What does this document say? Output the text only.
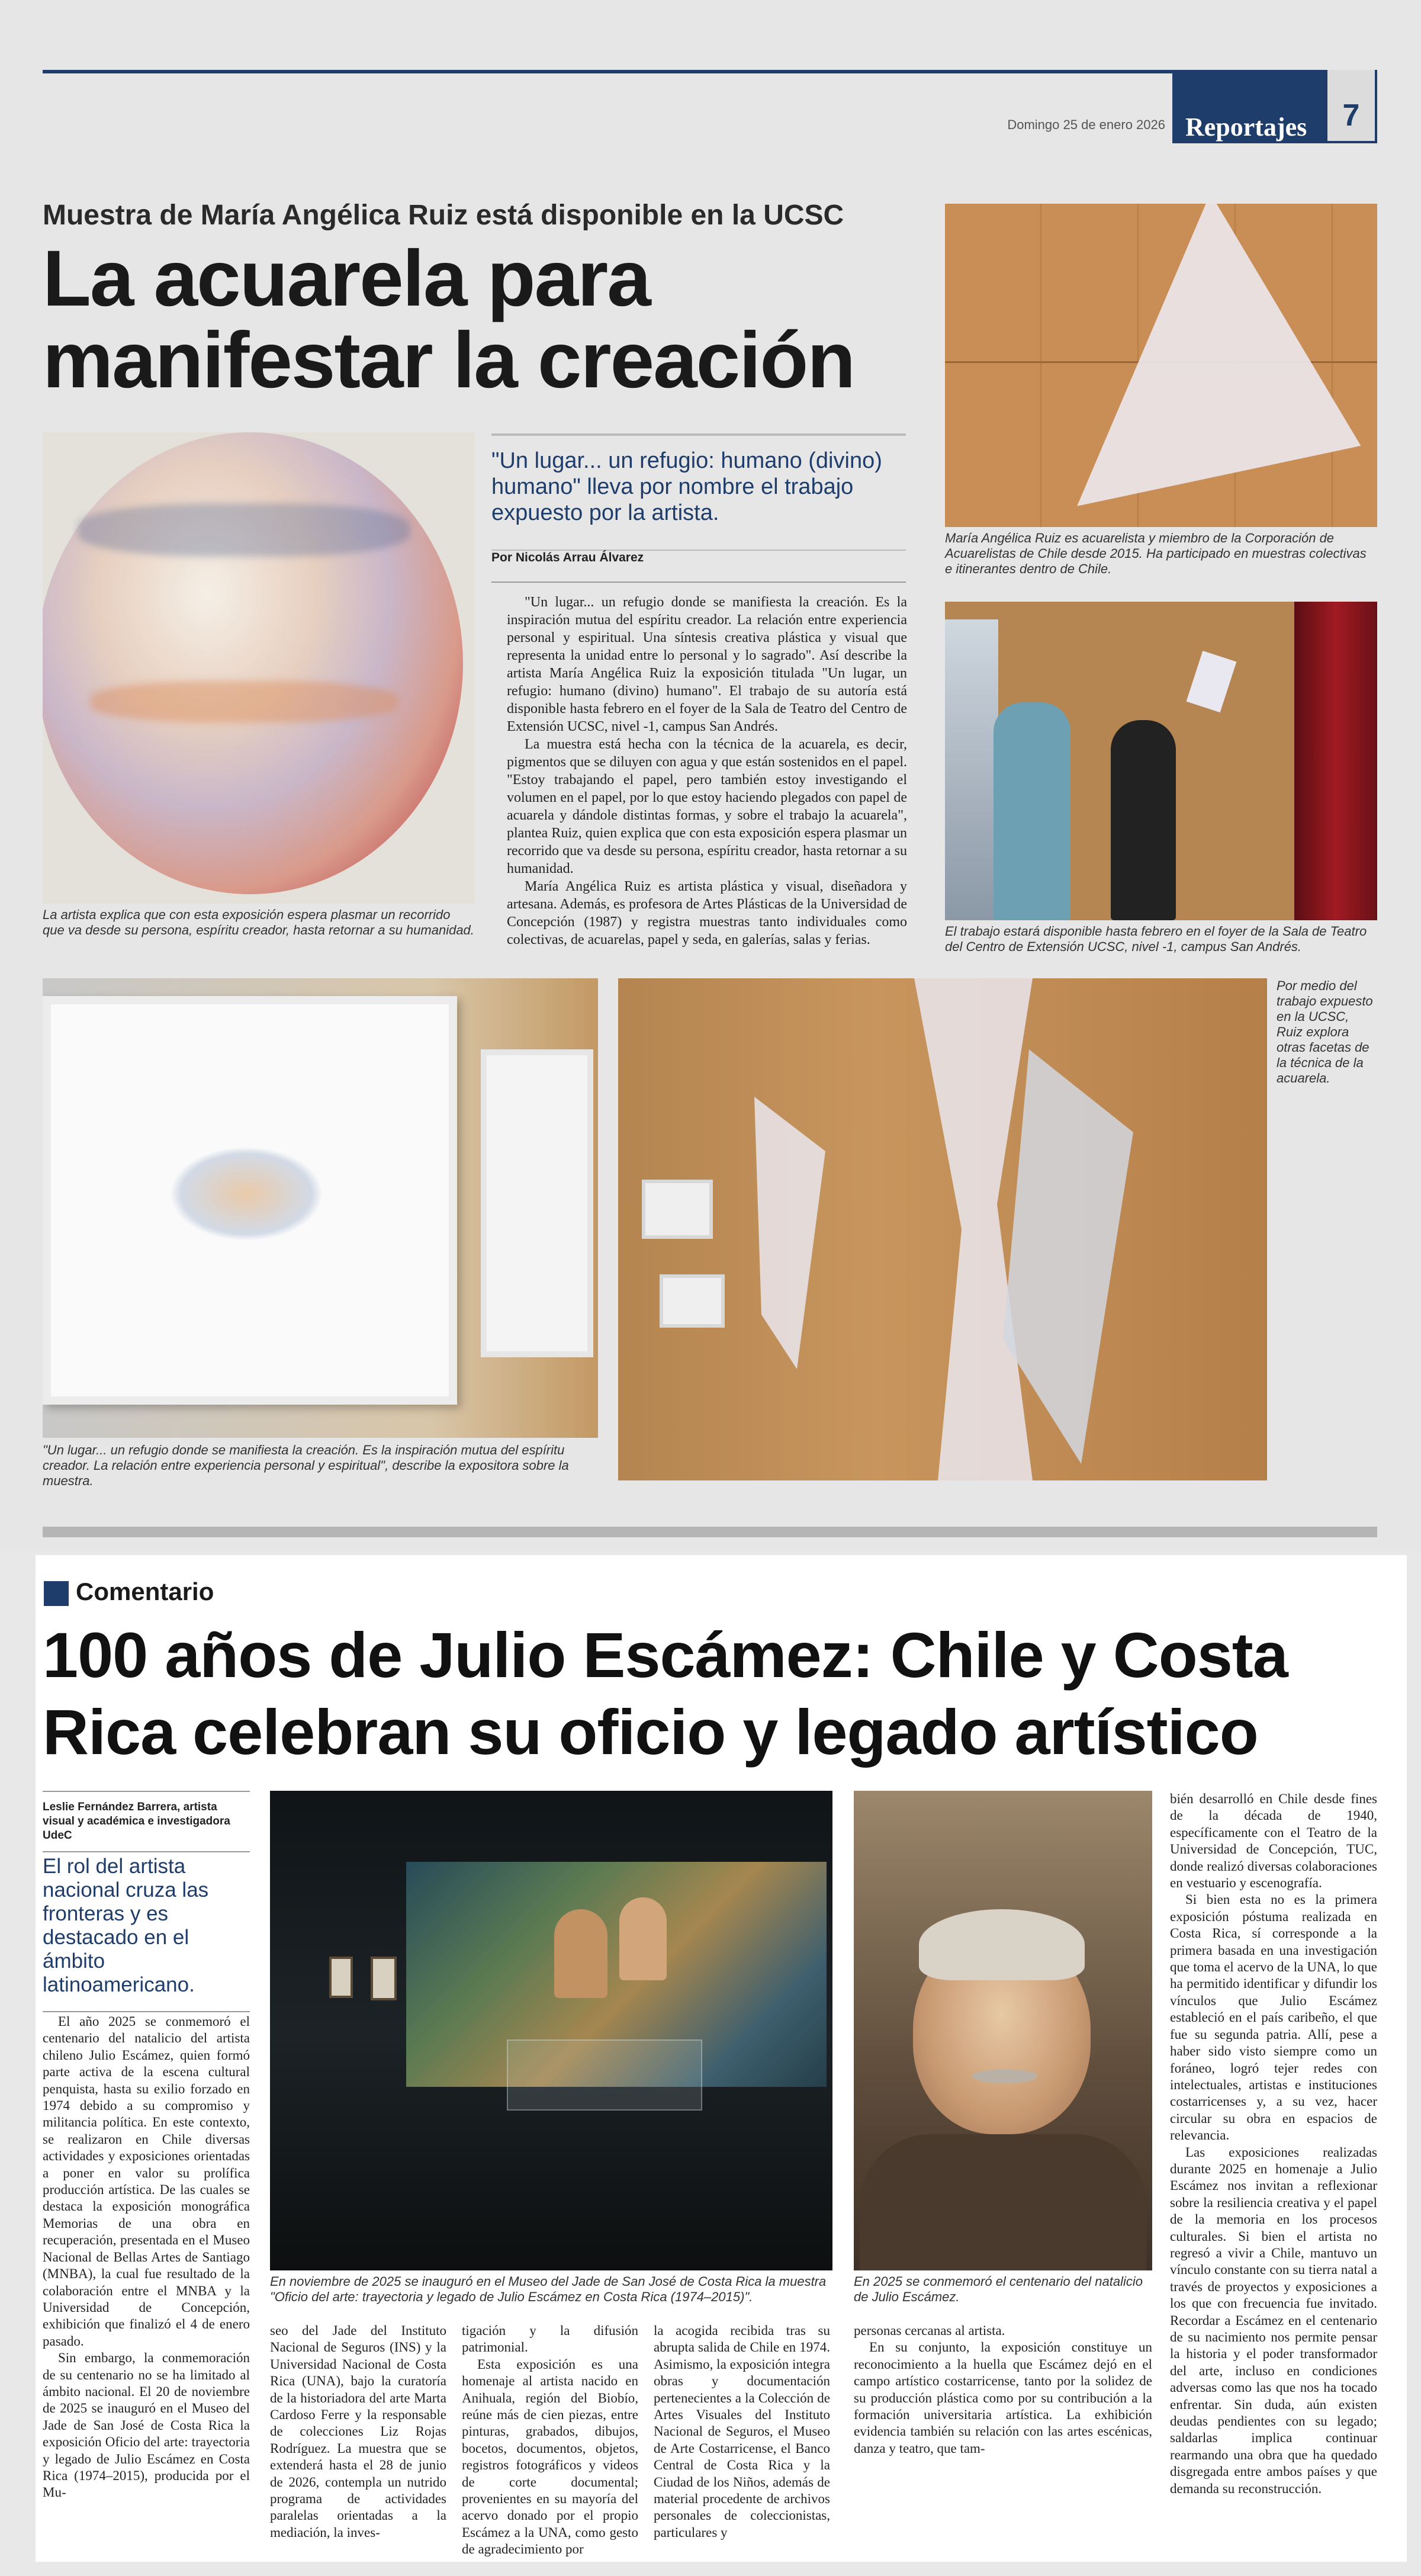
Domingo 25 de enero 2026 Reportajes	7
Muestra de María Angélica Ruiz está disponible en la UCSC
La acuarela para manifestar la creación
La artista explica que con esta exposición espera plasmar un recorrido que va desde su persona, espíritu creador, hasta retornar a su humanidad.
"Un lugar... un refugio: humano (divino) humano" lleva por nombre el trabajo expuesto por la artista.
Por Nicolás Arrau Álvarez

"Un lugar... un refugio donde se manifiesta la creación. Es la inspiración mutua del espíritu creador. La relación entre experiencia personal y espiritual. Una síntesis creativa plástica y visual que representa la unidad entre lo personal y lo sagrado". Así describe la artista María Angélica Ruiz la exposición titulada "Un lugar, un refugio: humano (divino) humano". El trabajo de su autoría está disponible hasta febrero en el foyer de la Sala de Teatro del Centro de Extensión UCSC, nivel -1, campus San Andrés.

La muestra está hecha con la técnica de la acuarela, es decir, pigmentos que se diluyen con agua y que están sostenidos en el papel. "Estoy trabajando el papel, pero también estoy investigando el volumen en el papel, por lo que estoy haciendo plegados con papel de acuarela y dándole distintas formas, y sobre el trabajo la acuarela", plantea Ruiz, quien explica que con esta exposición espera plasmar un recorrido que va desde su persona, espíritu creador, hasta retornar a su humanidad.

María Angélica Ruiz es artista plástica y visual, diseñadora y artesana. Además, es profesora de Artes Plásticas de la Universidad de Concepción (1987) y registra muestras tanto individuales como colectivas, de acuarelas, papel y seda, en galerías, salas y ferias.

María Angélica Ruiz es acuarelista y miembro de la Corporación de Acuarelistas de Chile desde 2015. Ha participado en muestras colectivas e itinerantes dentro de Chile.
El trabajo estará disponible hasta febrero en el foyer de la Sala de Teatro del Centro de Extensión UCSC, nivel -1, campus San Andrés.
"Un lugar... un refugio donde se manifiesta la creación. Es la inspiración mutua del espíritu creador. La relación entre experiencia personal y espiritual", describe la expositora sobre la muestra.
Por medio del trabajo expuesto en la UCSC, Ruiz explora otras facetas de la técnica de la acuarela.
Comentario
100 años de Julio Escámez: Chile y Costa Rica celebran su oficio y legado artístico
Leslie Fernández Barrera, artista visual y académica e investigadora UdeC
El rol del artista nacional cruza las fronteras y es destacado en el ámbito latinoamericano.

El año 2025 se conmemoró el centenario del natalicio del artista chileno Julio Escámez, quien formó parte activa de la escena cultural penquista, hasta su exilio forzado en 1974 debido a su compromiso y militancia política. En este contexto, se realizaron en Chile diversas actividades y exposiciones orientadas a poner en valor su prolífica producción artística. De las cuales se destaca la exposición monográfica Memorias de una obra en recuperación, presentada en el Museo Nacional de Bellas Artes de Santiago (MNBA), la cual fue resultado de la colaboración entre el MNBA y la Universidad de Concepción, exhibición que finalizó el 4 de enero pasado.

Sin embargo, la conmemoración de su centenario no se ha limitado al ámbito nacional. El 20 de noviembre de 2025 se inauguró en el Museo del Jade de San José de Costa Rica la exposición Oficio del arte: trayectoria y legado de Julio Escámez en Costa Rica (1974–2015), producida por el Mu-

En noviembre de 2025 se inauguró en el Museo del Jade de San José de Costa Rica la muestra "Oficio del arte: trayectoria y legado de Julio Escámez en Costa Rica (1974–2015)".
En 2025 se conmemoró el centenario del natalicio de Julio Escámez.

seo del Jade del Instituto Nacional de Seguros (INS) y la Universidad Nacional de Costa Rica (UNA), bajo la curatoría de la historiadora del arte Marta Cardoso Ferre y la responsable de colecciones Liz Rojas Rodríguez. La muestra que se extenderá hasta el 28 de junio de 2026, contempla un nutrido programa de actividades paralelas orientadas a la mediación, la inves-

tigación y la difusión patrimonial.

Esta exposición es una homenaje al artista nacido en Anihuala, región del Biobío, reúne más de cien piezas, entre pinturas, grabados, dibujos, bocetos, documentos, objetos, registros fotográficos y videos de corte documental; provenientes en su mayoría del acervo donado por el propio Escámez a la UNA, como gesto de agradecimiento por

la acogida recibida tras su abrupta salida de Chile en 1974. Asimismo, la exposición integra obras y documentación pertenecientes a la Colección de Artes Visuales del Instituto Nacional de Seguros, el Museo de Arte Costarricense, el Banco Central de Costa Rica y la Ciudad de los Niños, además de material procedente de archivos personales de coleccionistas, particulares y

personas cercanas al artista.

En su conjunto, la exposición constituye un reconocimiento a la huella que Escámez dejó en el campo artístico costarricense, tanto por la solidez de su producción plástica como por su contribución a la formación universitaria artística. La exhibición evidencia también su relación con las artes escénicas, danza y teatro, que tam-

bién desarrolló en Chile desde fines de la década de 1940, específicamente con el Teatro de la Universidad de Concepción, TUC, donde realizó diversas colaboraciones en vestuario y escenografía.

Si bien esta no es la primera exposición póstuma realizada en Costa Rica, sí corresponde a la primera basada en una investigación que toma el acervo de la UNA, lo que ha permitido identificar y difundir los vínculos que Julio Escámez estableció en el país caribeño, el que fue su segunda patria. Allí, pese a haber sido visto siempre como un foráneo, logró tejer redes con intelectuales, artistas e instituciones costarricenses y, a su vez, hacer circular su obra en espacios de relevancia.

Las exposiciones realizadas durante 2025 en homenaje a Julio Escámez nos invitan a reflexionar sobre la resiliencia creativa y el papel de la memoria en los procesos culturales. Si bien el artista no regresó a vivir a Chile, mantuvo un vínculo constante con su tierra natal a través de proyectos y exposiciones a los que con frecuencia fue invitado. Recordar a Escámez en el centenario de su nacimiento nos permite pensar la historia y el poder transformador del arte, incluso en condiciones adversas como las que nos ha tocado enfrentar. Sin duda, aún existen deudas pendientes con su legado; saldarlas implica continuar rearmando una obra que ha quedado disgregada entre ambos países y que demanda su reconstrucción.
